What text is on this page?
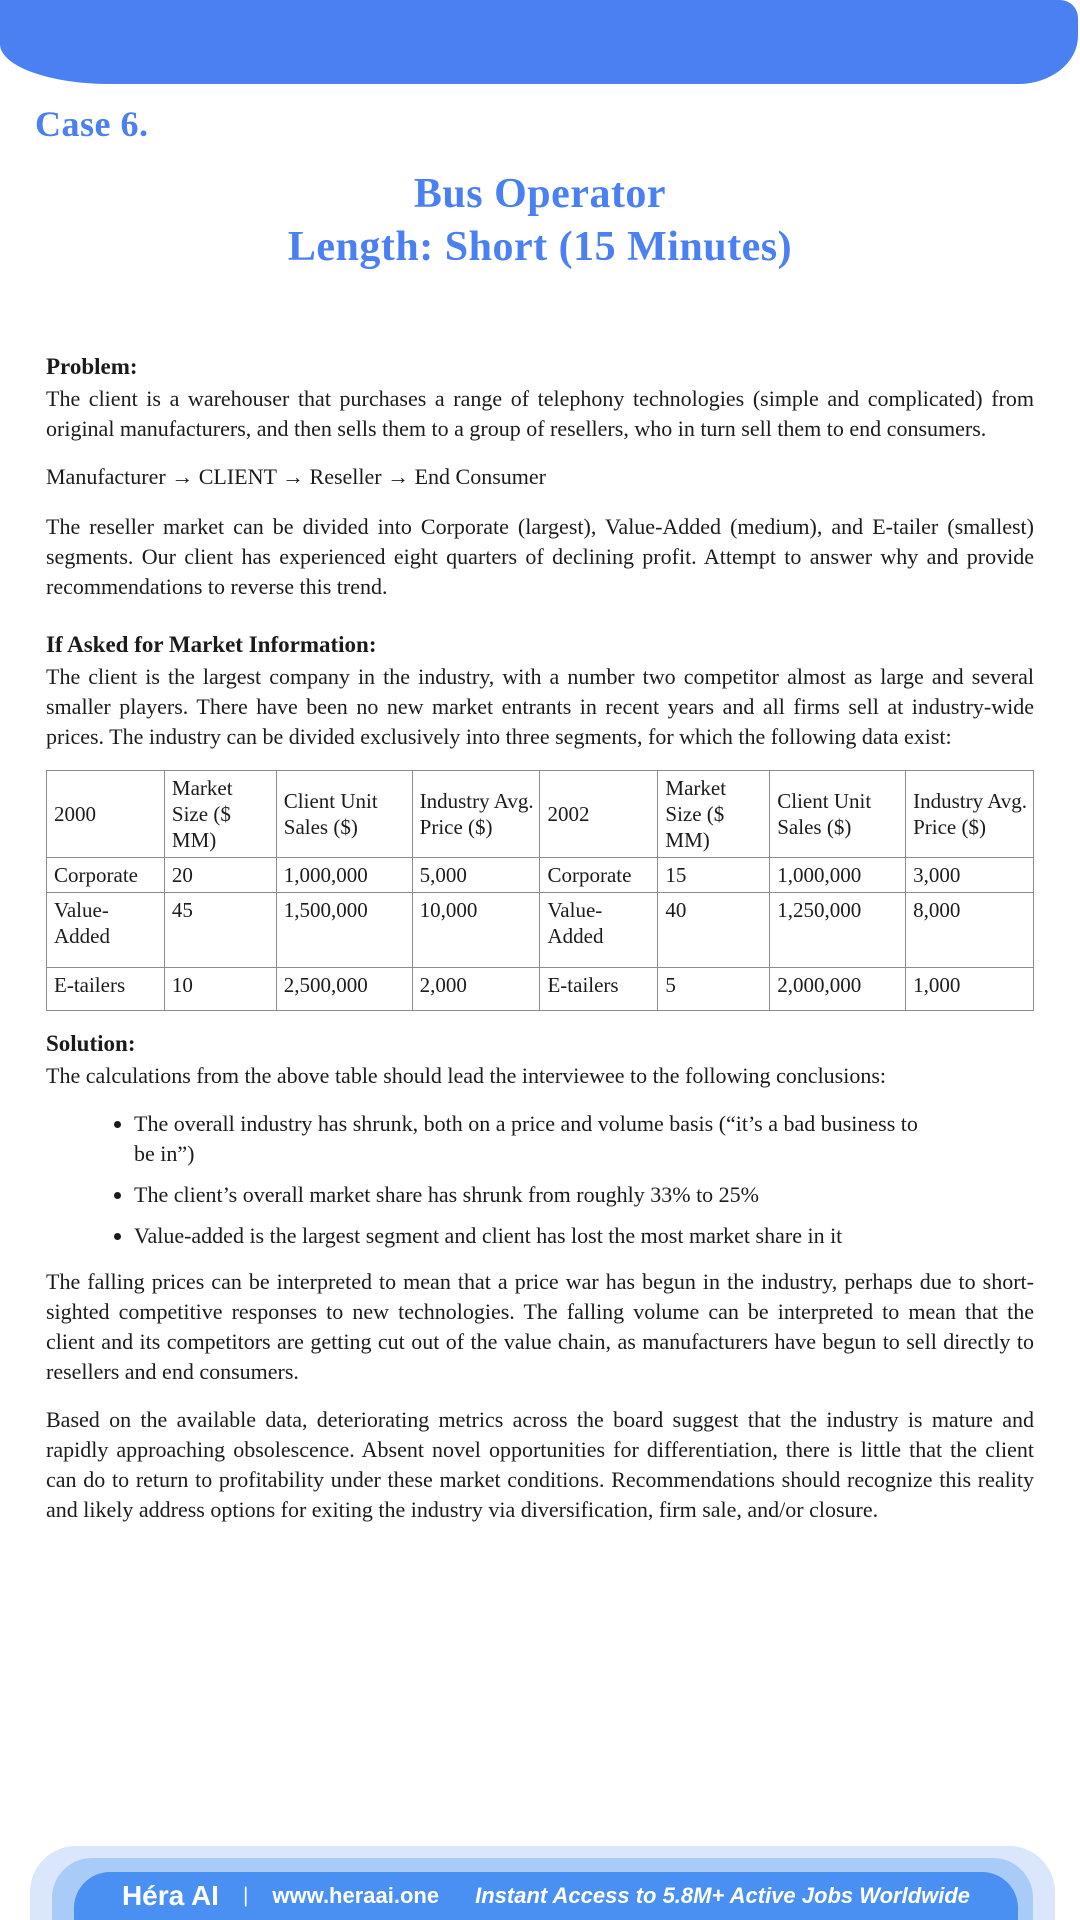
Case 6.
Bus Operator
Length: Short (15 Minutes)
Problem:

The client is a warehouser that purchases a range of telephony technologies (simple and complicated) from original manufacturers, and then sells them to a group of resellers, who in turn sell them to end consumers.

Manufacturer → CLIENT → Reseller → End Consumer

The reseller market can be divided into Corporate (largest), Value-Added (medium), and E-tailer (smallest) segments. Our client has experienced eight quarters of declining profit. Attempt to answer why and provide recommendations to reverse this trend.

If Asked for Market Information:

The client is the largest company in the industry, with a number two competitor almost as large and several smaller players. There have been no new market entrants in recent years and all firms sell at industry-wide prices. The industry can be divided exclusively into three segments, for which the following data exist:

2000	Market Size ($ MM)	Client Unit Sales ($)	Industry Avg. Price ($)	2002	Market Size ($ MM)	Client Unit Sales ($)	Industry Avg. Price ($)
Corporate	20	1,000,000	5,000	Corporate	15	1,000,000	3,000
Value-Added	45	1,500,000	10,000	Value-Added	40	1,250,000	8,000
E-tailers	10	2,500,000	2,000	E-tailers	5	2,000,000	1,000
Solution:

The calculations from the above table should lead the interviewee to the following conclusions:

• The overall industry has shrunk, both on a price and volume basis (“it’s a bad business to be in”)
• The client’s overall market share has shrunk from roughly 33% to 25%
• Value-added is the largest segment and client has lost the most market share in it

The falling prices can be interpreted to mean that a price war has begun in the industry, perhaps due to short-sighted competitive responses to new technologies. The falling volume can be interpreted to mean that the client and its competitors are getting cut out of the value chain, as manufacturers have begun to sell directly to resellers and end consumers.

Based on the available data, deteriorating metrics across the board suggest that the industry is mature and rapidly approaching obsolescence. Absent novel opportunities for differentiation, there is little that the client can do to return to profitability under these market conditions. Recommendations should recognize this reality and likely address options for exiting the industry via diversification, firm sale, and/or closure.

Héra AI | www.heraai.one Instant Access to 5.8M+ Active Jobs Worldwide
